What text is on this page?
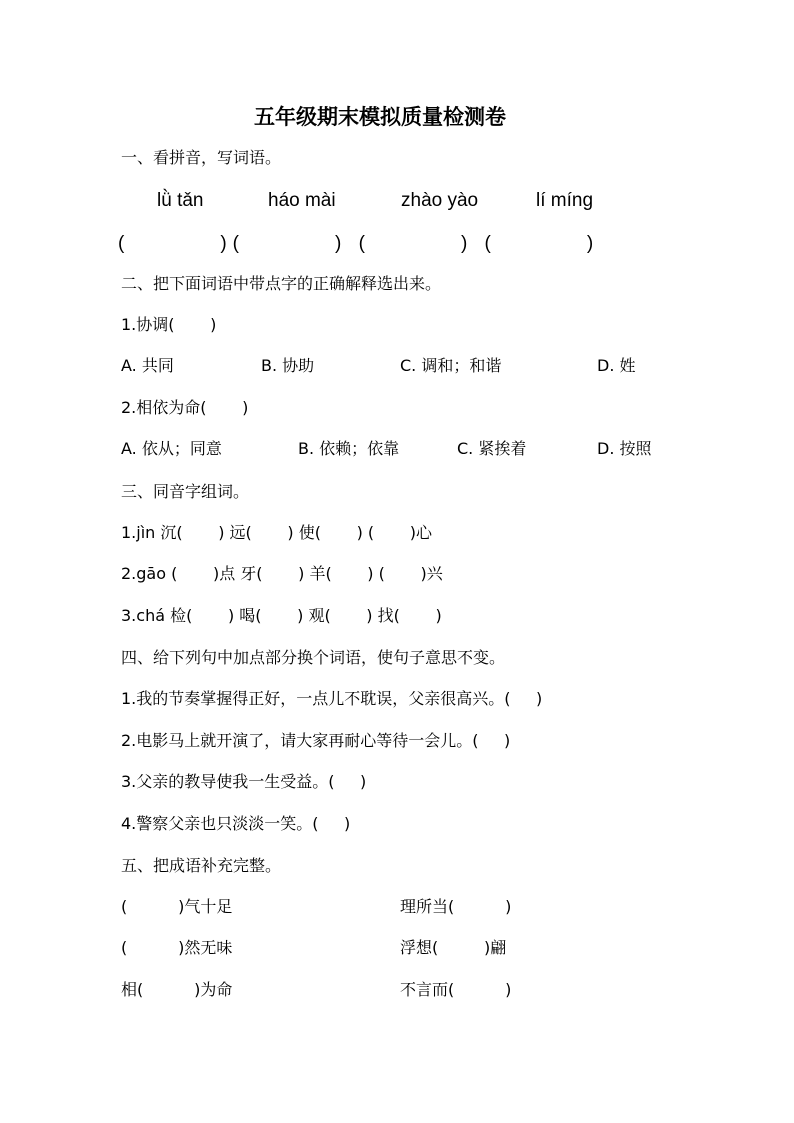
五年级期末模拟质量检测卷
一、看拼音，写词语。
lǜ tǎn	háo mài	zhào yào	lí míng
(                 ) (                 )   (                 )   (                 )
二、把下面词语中带点字的正确解释选出来。
1.协调(       )
A. 共同	B. 协助	C. 调和；和谐	D. 姓
2.相依为命(       )
A. 依从；同意	B. 依赖；依靠	C. 紧挨着	D. 按照
三、同音字组词。
1.jìn 沉(       ) 远(       ) 使(       ) (       )心
2.gāo (       )点 牙(       ) 羊(       ) (       )兴
3.chá 检(       ) 喝(       ) 观(       ) 找(       )
四、给下列句中加点部分换个词语，使句子意思不变。
1.我的节奏掌握得正好，一点儿不耽误，父亲很高兴。(     )
2.电影马上就开演了，请大家再耐心等待一会儿。(     )
3.父亲的教导使我一生受益。(     )
4.警察父亲也只淡淡一笑。(     )
五、把成语补充完整。
(          )气十足	理所当(          )
(          )然无味	浮想(         )翩
相(          )为命	不言而(          )
